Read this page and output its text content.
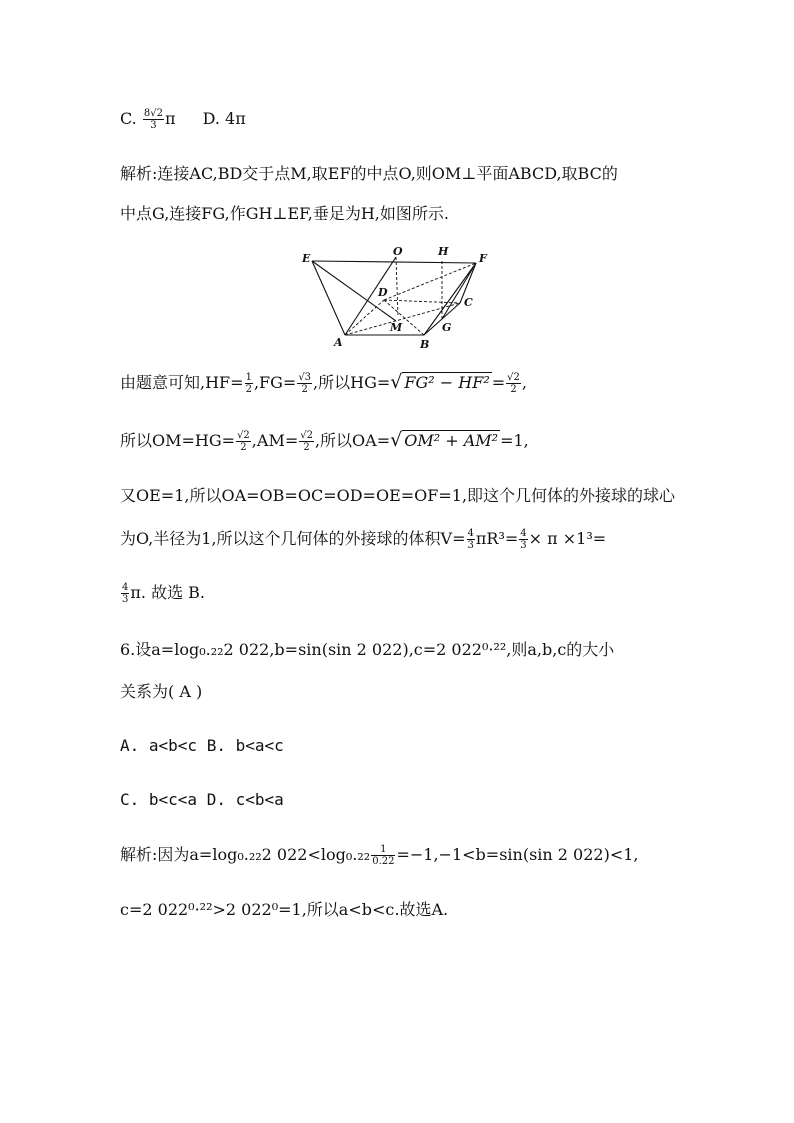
C. $\frac{8√2}{3}$ π D. 4π
解析:连接AC,BD交于点M,取EF的中点O,则OM⊥平面ABCD,取BC的
中点G,连接FG,作GH⊥EF,垂足为H,如图所示.
E
O	H
F
D
C
M	G
A	B
由题意可知$,HF= \frac{1}{2} ,FG= \frac{√3}{2}$ ,所以HG=√ $FG^2 - HF^2 = \frac{√2}{2}$ ,
所以$OM=HG= \frac{√2}{2} ,AM= \frac{√2}{2}$ ,所以OA=√ OM² + AM² =1,
又OE=1,所以OA=OB=OC=OD=OE=OF=1,即这个几何体的外接球的球心
为O,半径为1,所以这个几何体的外接球的体积$V= \frac{4}{3} \pi R^3= \frac{4}{3} \times \pi \times 1^3=$
$\frac{4}{3} \pi$. 故选 B.
6.设a=log₀.₂₂2 022,b=sin(sin 2 022),c=2 022⁰·²²,则a,b,c的大小
关系为( A )
A. a<b<c B. b<a<c
C. b<c<a D. c<b<a
解析:因为a=log₀.₂₂2 $022<\log_0._{22} \frac{1}{0.22} =-1,-1<b=\sin(\sin$ 2 022)<1,
c=2 022⁰·²²>2 022⁰=1,所以a<b<c.故选A.
